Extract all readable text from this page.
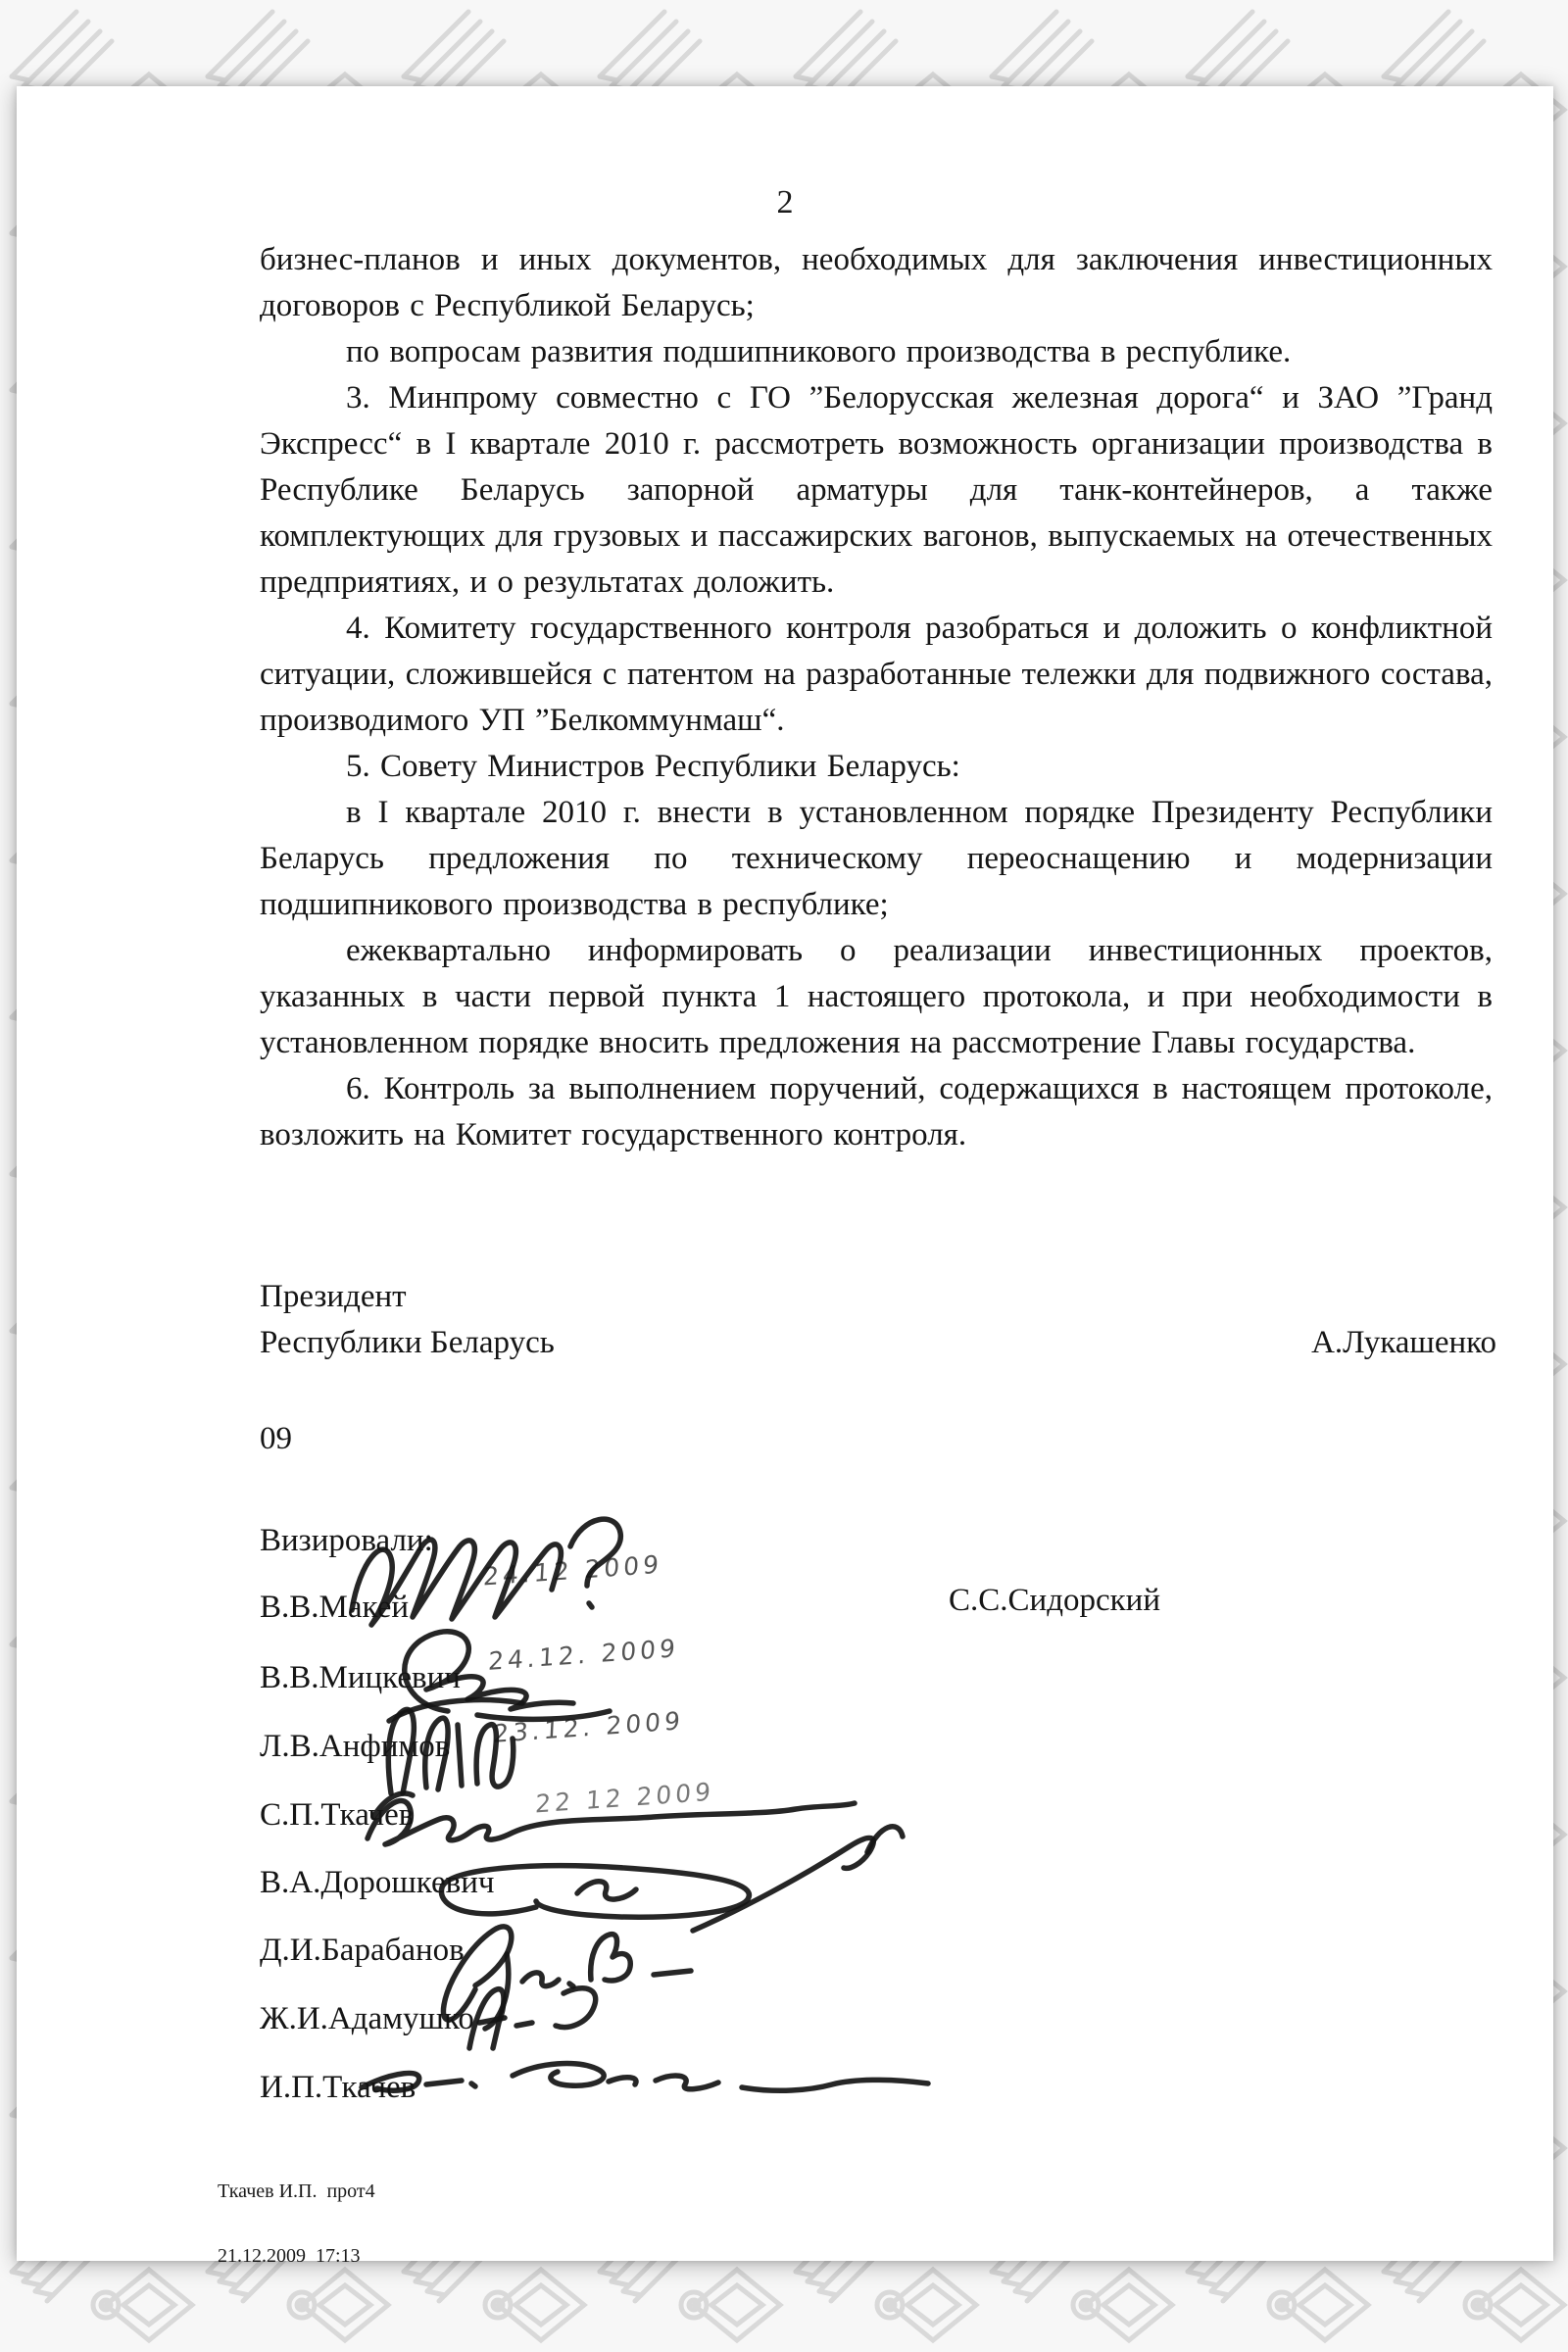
2

бизнес-планов и иных документов, необходимых для заключения инвестиционных договоров с Республикой Беларусь;

по вопросам развития подшипникового производства в республике.

3. Минпрому совместно с ГО ”Белорусская железная дорога“ и ЗАО ”Гранд Экспресс“ в I квартале 2010 г. рассмотреть возможность организации производства в Республике Беларусь запорной арматуры для танк-контейнеров, а также комплектующих для грузовых и пассажирских вагонов, выпускаемых на отечественных предприятиях, и о результатах доложить.

4. Комитету государственного контроля разобраться и доложить о конфликтной ситуации, сложившейся с патентом на разработанные тележки для подвижного состава, производимого УП ”Белкоммунмаш“.

5. Совету Министров Республики Беларусь:

в I квартале 2010 г. внести в установленном порядке Президенту Республики Беларусь предложения по техническому переоснащению и модернизации подшипникового производства в республике;

ежеквартально информировать о реализации инвестиционных проектов, указанных в части первой пункта 1 настоящего протокола, и при необходимости в установленном порядке вносить предложения на рассмотрение Главы государства.

6. Контроль за выполнением поручений, содержащихся в настоящем протоколе, возложить на Комитет государственного контроля.

Президент
Республики Беларусь	А.Лукашенко
09
Визировали:
В.В.Макей
В.В.Мицкевич
Л.В.Анфимов
С.П.Ткачев
В.А.Дорошкевич
Д.И.Барабанов
Ж.И.Адамушко
И.П.Ткачев
С.С.Сидорский
24.12 2009
24.12. 2009
23.12. 2009
22 12 2009

Ткачев И.П.  прот4

21.12.2009  17:13
